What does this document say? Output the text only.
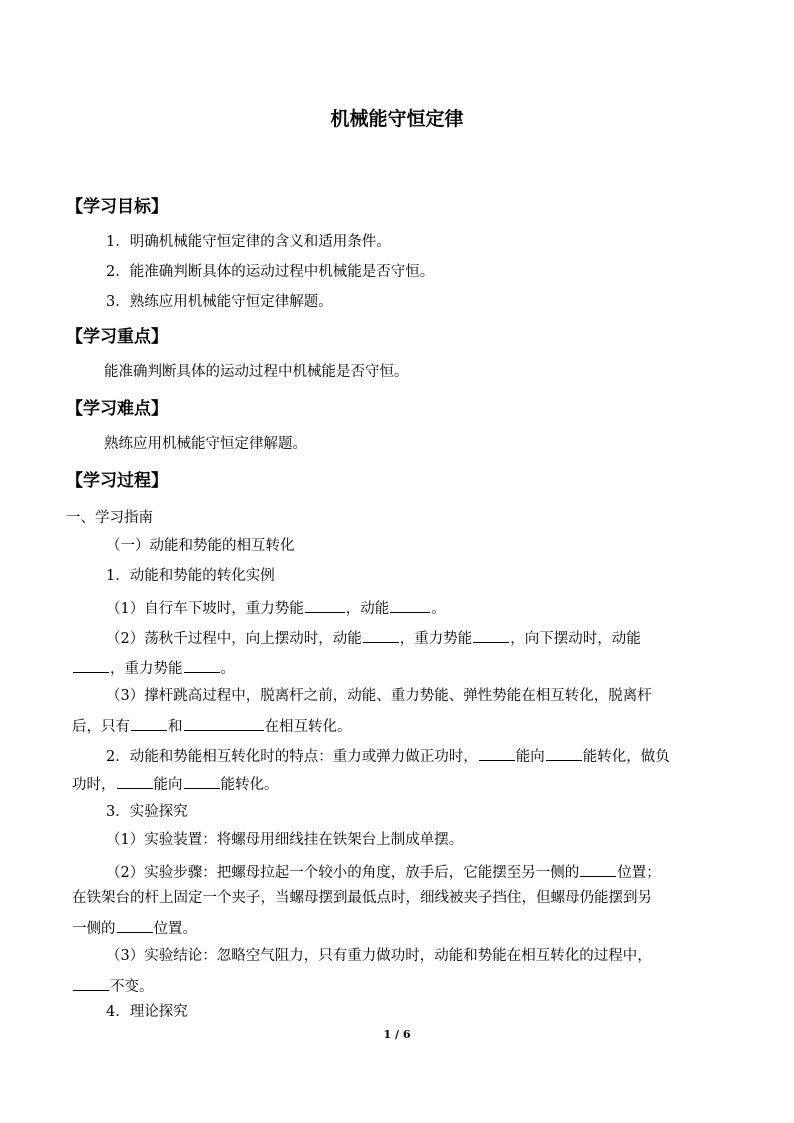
机械能守恒定律
【学习目标】
1．明确机械能守恒定律的含义和适用条件。
2．能准确判断具体的运动过程中机械能是否守恒。
3．熟练应用机械能守恒定律解题。
【学习重点】
能准确判断具体的运动过程中机械能是否守恒。
【学习难点】
熟练应用机械能守恒定律解题。
【学习过程】
一、学习指南
（一）动能和势能的相互转化
1．动能和势能的转化实例
（1）自行车下坡时，重力势能	，动能	。
（2）荡秋千过程中，向上摆动时，动能	，重力势能	，向下摆动时，动能
，重力势能	。
（3）撑杆跳高过程中，脱离杆之前，动能、重力势能、弹性势能在相互转化，脱离杆
后，只有	和	在相互转化。
2．动能和势能相互转化时的特点：重力或弹力做正功时，	能向	能转化，做负
功时，	能向	能转化。
3．实验探究
（1）实验装置：将螺母用细线挂在铁架台上制成单摆。
（2）实验步骤：把螺母拉起一个较小的角度，放手后，它能摆至另一侧的	位置；
在铁架台的杆上固定一个夹子，当螺母摆到最低点时，细线被夹子挡住，但螺母仍能摆到另
一侧的	位置。
（3）实验结论：忽略空气阻力，只有重力做功时，动能和势能在相互转化的过程中，
不变。
4．理论探究
1 / 6
